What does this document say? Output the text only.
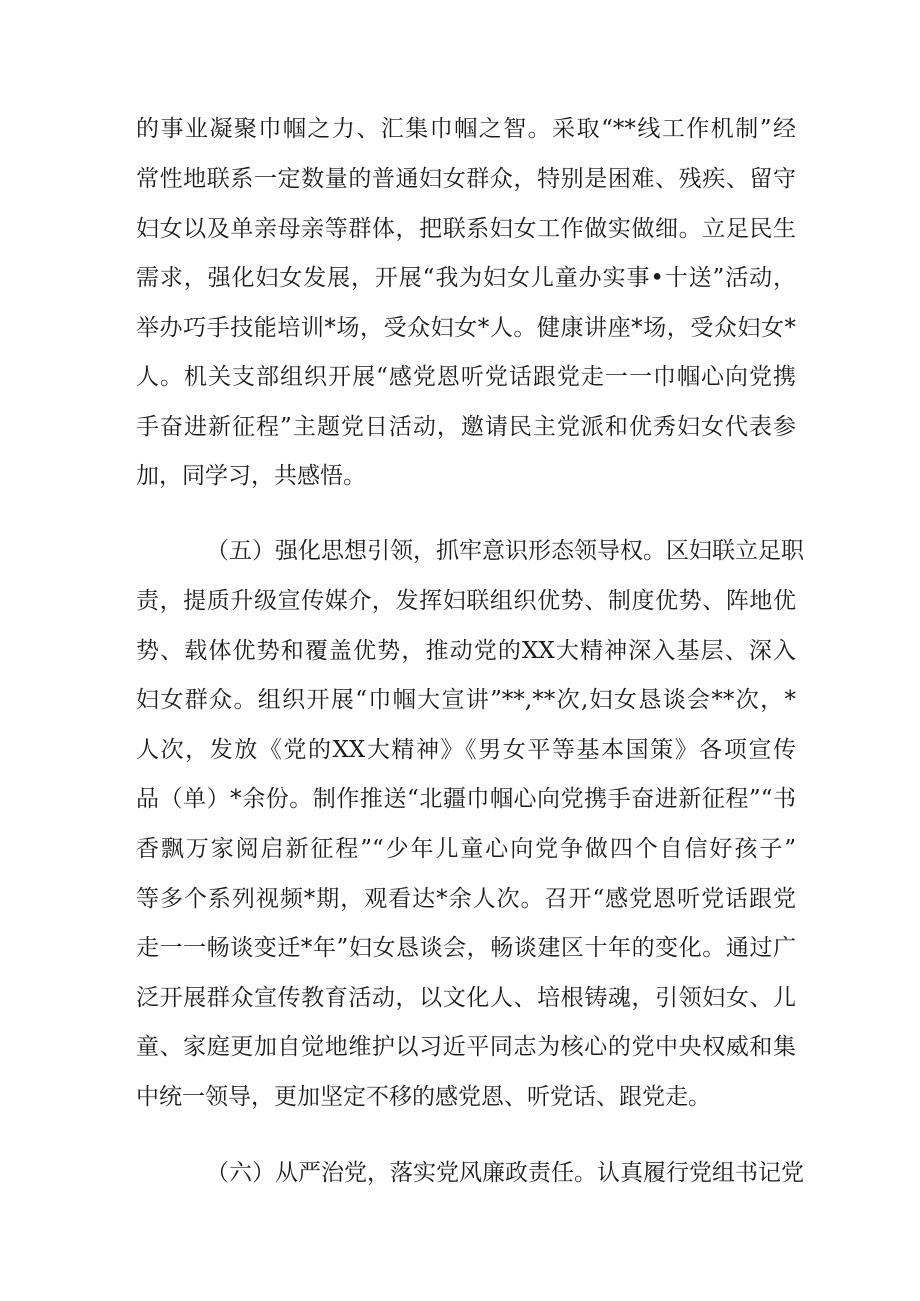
的事业凝聚巾帼之力、汇集巾帼之智。采取“**线工作机制”经
常性地联系一定数量的普通妇女群众，特别是困难、残疾、留守
妇女以及单亲母亲等群体，把联系妇女工作做实做细。立足民生
需求，强化妇女发展，开展“我为妇女儿童办实事•十送”活动，
举办巧手技能培训*场，受众妇女*人。健康讲座*场，受众妇女*
人。机关支部组织开展“感党恩听党话跟党走一一巾帼心向党携
手奋进新征程”主题党日活动，邀请民主党派和优秀妇女代表参
加，同学习，共感悟。
（五）强化思想引领，抓牢意识形态领导权。区妇联立足职
责，提质升级宣传媒介，发挥妇联组织优势、制度优势、阵地优
势、载体优势和覆盖优势，推动党的XX大精神深入基层、深入
妇女群众。组织开展“巾帼大宣讲”**,**次,妇女恳谈会**次，*
人次，发放《党的XX大精神》《男女平等基本国策》各项宣传
品（单）*余份。制作推送“北疆巾帼心向党携手奋进新征程”“书
香飘万家阅启新征程”“少年儿童心向党争做四个自信好孩子”
等多个系列视频*期，观看达*余人次。召开“感党恩听党话跟党
走一一畅谈变迁*年”妇女恳谈会，畅谈建区十年的变化。通过广
泛开展群众宣传教育活动，以文化人、培根铸魂，引领妇女、儿
童、家庭更加自觉地维护以习近平同志为核心的党中央权威和集
中统一领导，更加坚定不移的感党恩、听党话、跟党走。
（六）从严治党，落实党风廉政责任。认真履行党组书记党
